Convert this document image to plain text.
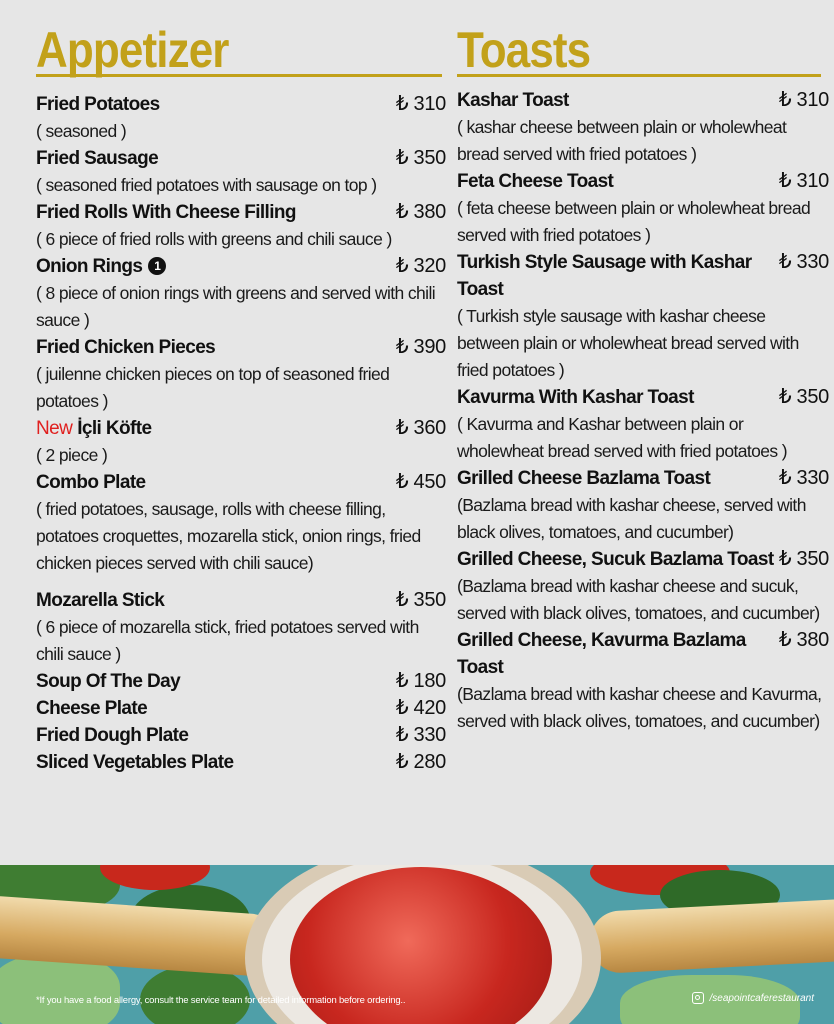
Appetizer
Fried Potatoes	₺ 310
( seasoned )
Fried Sausage	₺ 350
( seasoned fried potatoes with sausage on top )
Fried Rolls With Cheese Filling	₺ 380
( 6 piece of fried rolls with greens and chili sauce )
Onion Rings 1	₺ 320
( 8 piece of onion rings with greens and served with chili sauce )
Fried Chicken Pieces	₺ 390
( juilenne chicken pieces on top of seasoned fried potatoes )
New İçli Köfte	₺ 360
( 2 piece )
Combo Plate	₺ 450
( fried potatoes, sausage, rolls with cheese filling, potatoes croquettes, mozarella stick, onion rings, fried chicken pieces served with chili sauce)
Mozarella Stick	₺ 350
( 6 piece of mozarella stick, fried potatoes served with chili sauce )
Soup Of The Day	₺ 180
Cheese Plate	₺ 420
Fried Dough Plate	₺ 330
Sliced Vegetables Plate	₺ 280
Toasts
Kashar Toast	₺ 310
( kashar cheese between plain or wholewheat bread served with fried potatoes )
Feta Cheese Toast	₺ 310
( feta cheese between plain or wholewheat bread served with fried potatoes )
Turkish Style Sausage with Kashar Toast
₺ 330
( Turkish style sausage with kashar cheese between plain or wholewheat bread served with fried potatoes )
Kavurma With Kashar Toast	₺ 350
( Kavurma and Kashar between plain or wholewheat bread served with fried potatoes )
Grilled Cheese Bazlama Toast	₺ 330
(Bazlama bread with kashar cheese, served with black olives, tomatoes, and cucumber)
Grilled Cheese, Sucuk Bazlama Toast ₺ 350
(Bazlama bread with kashar cheese and sucuk, served with black olives, tomatoes, and cucumber)
Grilled Cheese, Kavurma Bazlama Toast
₺ 380
(Bazlama bread with kashar cheese and Kavurma, served with black olives, tomatoes, and cucumber)
*If you have a food allergy, consult the service team for detailed information before ordering..	/seapointcaferestaurant
